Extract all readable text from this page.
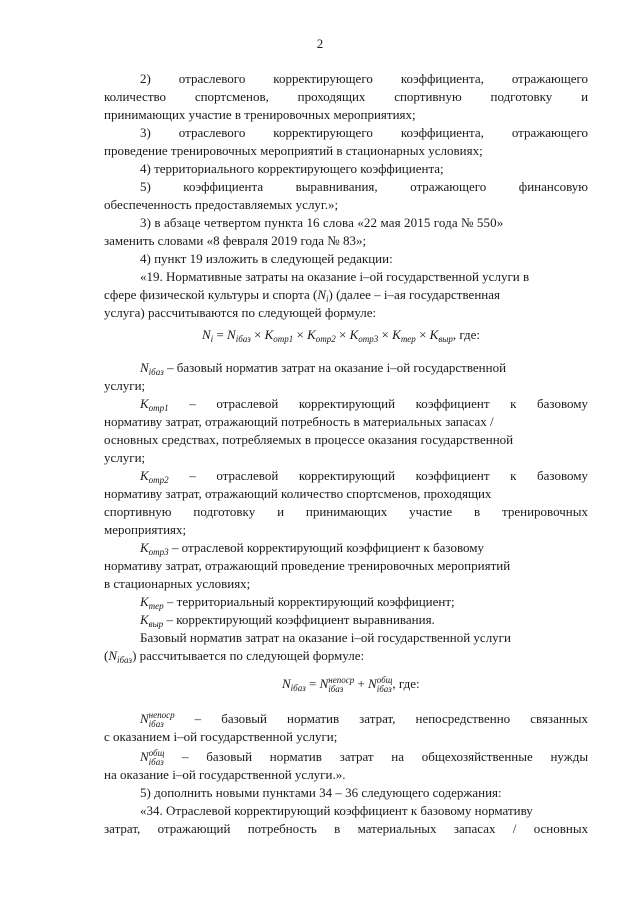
2
2) отраслевого корректирующего коэффициента, отражающего
количество спортсменов, проходящих спортивную подготовку и
принимающих участие в тренировочных мероприятиях;
3) отраслевого корректирующего коэффициента, отражающего
проведение тренировочных мероприятий в стационарных условиях;
4) территориального корректирующего коэффициента;
5) коэффициента выравнивания, отражающего финансовую
обеспеченность предоставляемых услуг.»;
3) в абзаце четвертом пункта 16 слова «22 мая 2015 года № 550»
заменить словами «8 февраля 2019 года № 83»;
4) пункт 19 изложить в следующей редакции:
«19. Нормативные затраты на оказание i–ой государственной услуги в
сфере физической культуры и спорта $(N_i)$ (далее – i–ая государственная
услуга) рассчитываются по следующей формуле:
$N_i = N_{iбаз} \times K_{отр1} \times K_{отр2} \times K_{отр3} \times K_{тер} \times K_{выр}$, где:
$N_{iбаз}$ – базовый норматив затрат на оказание i–ой государственной
услуги;
$K_{отр1}$ – отраслевой корректирующий коэффициент к базовому
нормативу затрат, отражающий потребность в материальных запасах /
основных средствах, потребляемых в процессе оказания государственной
услуги;
$K_{отр2}$ – отраслевой корректирующий коэффициент к базовому
нормативу затрат, отражающий количество спортсменов, проходящих
спортивную подготовку и принимающих участие в тренировочных
мероприятиях;
$K_{отр3}$ – отраслевой корректирующий коэффициент к базовому
нормативу затрат, отражающий проведение тренировочных мероприятий
в стационарных условиях;
$K_{тер}$ – территориальный корректирующий коэффициент;
$K_{выр}$ – корректирующий коэффициент выравнивания.
Базовый норматив затрат на оказание i–ой государственной услуги
$(N_{iбаз})$ рассчитывается по следующей формуле:
$N_{iбаз} = N$ непоср
iбаз	+ N общ
iбаз , где:
N непоср
iбаз	– базовый норматив затрат, непосредственно связанных
с оказанием i–ой государственной услуги;
N общ
iбаз – базовый норматив затрат на общехозяйственные нужды
на оказание i–ой государственной услуги.».
5) дополнить новыми пунктами 34 – 36 следующего содержания:
«34. Отраслевой корректирующий коэффициент к базовому нормативу
затрат, отражающий потребность в материальных запасах / основных
